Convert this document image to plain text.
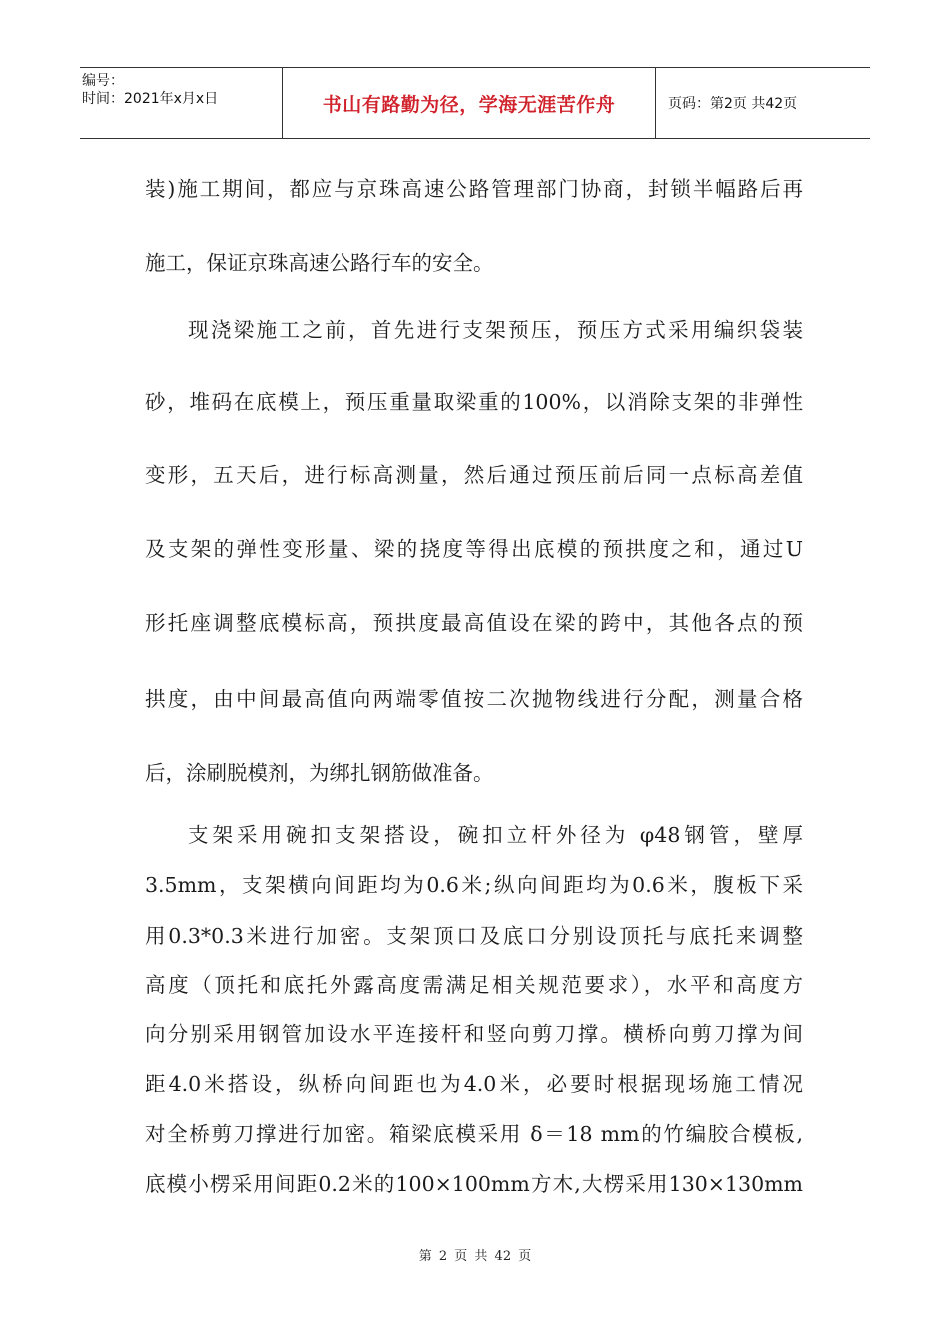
编号：
时间：2021年x月x日	书山有路勤为径，学海无涯苦作舟	页码：第2页 共42页
装)施工期间，都应与京珠高速公路管理部门协商，封锁半幅路后再
施工，保证京珠高速公路行车的安全。
现浇梁施工之前，首先进行支架预压，预压方式采用编织袋装
砂，堆码在底模上，预压重量取梁重的100%，以消除支架的非弹性
变形，五天后，进行标高测量，然后通过预压前后同一点标高差值
及支架的弹性变形量、梁的挠度等得出底模的预拱度之和，通过U
形托座调整底模标高，预拱度最高值设在梁的跨中，其他各点的预
拱度，由中间最高值向两端零值按二次抛物线进行分配，测量合格
后，涂刷脱模剂，为绑扎钢筋做准备。
支架采用碗扣支架搭设，碗扣立杆外径为 φ48钢管，壁厚
3.5mm，支架横向间距均为0.6米;纵向间距均为0.6米，腹板下采
用0.3*0.3米进行加密。支架顶口及底口分别设顶托与底托来调整
高度（顶托和底托外露高度需满足相关规范要求），水平和高度方
向分别采用钢管加设水平连接杆和竖向剪刀撑。横桥向剪刀撑为间
距4.0米搭设，纵桥向间距也为4.0米，必要时根据现场施工情况
对全桥剪刀撑进行加密。箱梁底模采用 δ＝18 mm的竹编胶合模板,
底模小楞采用间距0.2米的100×100mm方木,大楞采用130×130mm
第 2 页 共 42 页
